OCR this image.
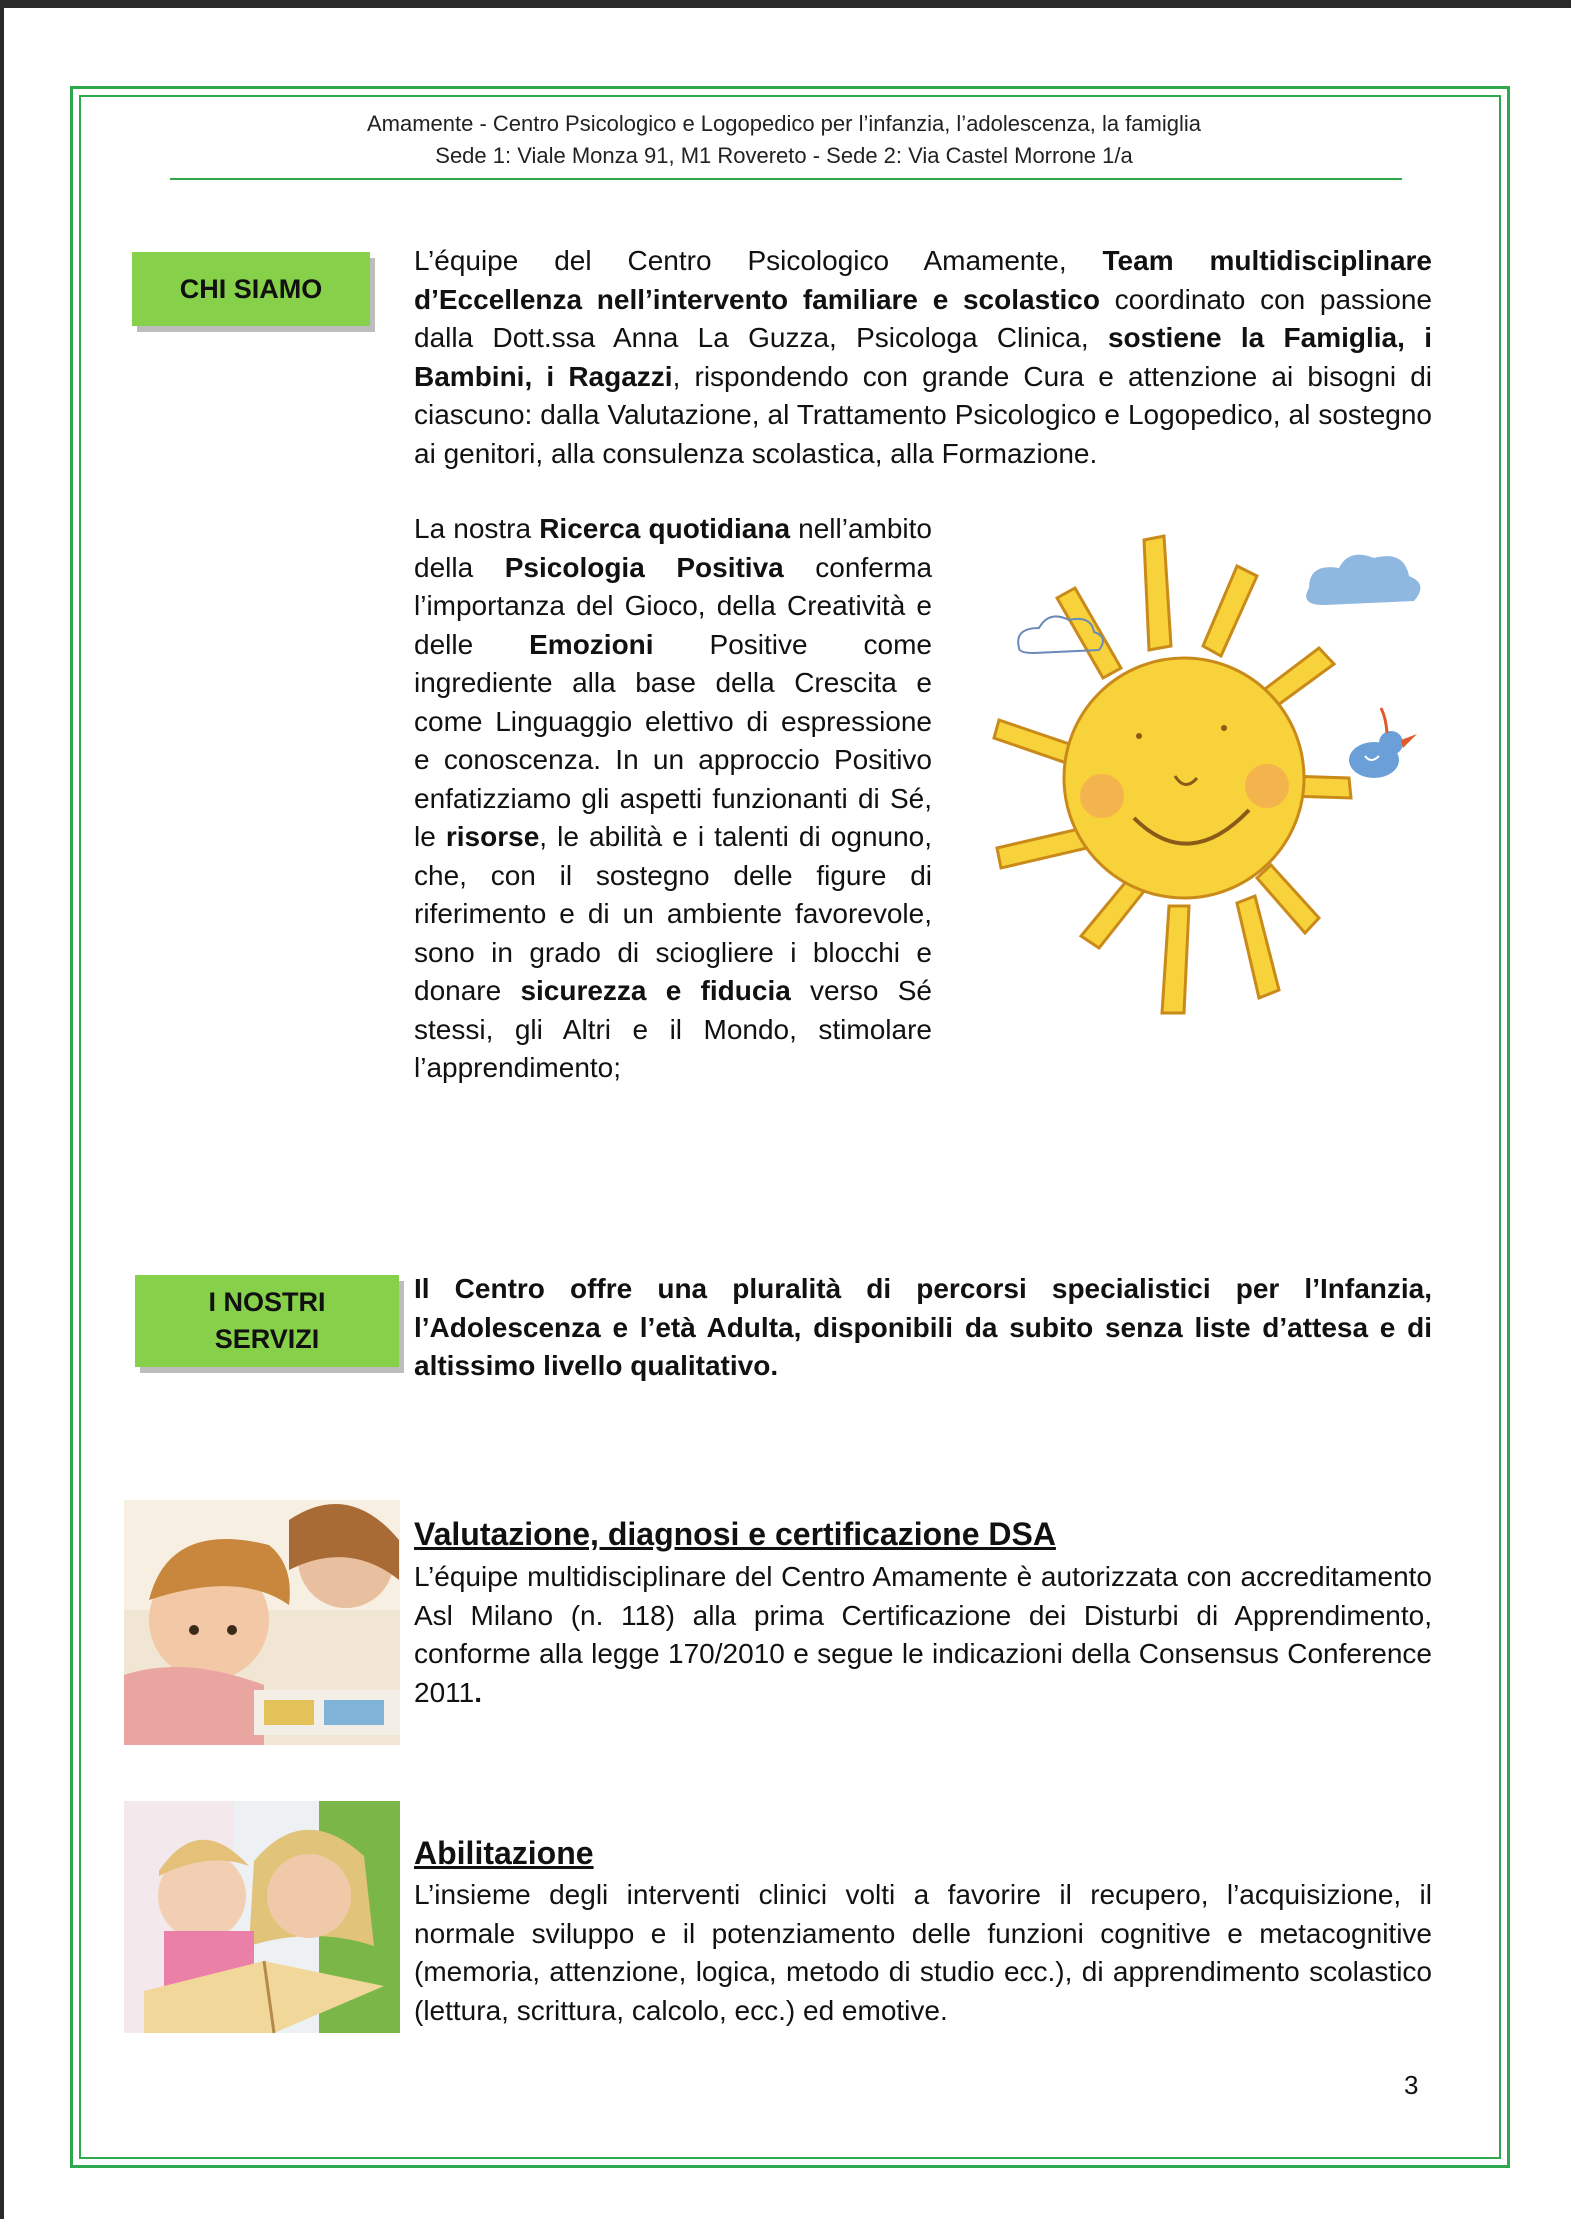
Amamente - Centro Psicologico e Logopedico per l’infanzia, l’adolescenza, la famiglia
Sede 1: Viale Monza 91, M1 Rovereto - Sede 2: Via Castel Morrone 1/a
CHI SIAMO
L’équipe del Centro Psicologico Amamente, Team multidisciplinare d’Eccellenza nell’intervento familiare e scolastico coordinato con passione dalla Dott.ssa Anna La Guzza, Psicologa Clinica, sostiene la Famiglia, i Bambini, i Ragazzi, rispondendo con grande Cura e attenzione ai bisogni di ciascuno: dalla Valutazione, al Trattamento Psicologico e Logopedico, al sostegno ai genitori, alla consulenza scolastica, alla Formazione.
La nostra Ricerca quotidiana nell’ambito della Psicologia Positiva conferma l’importanza del Gioco, della Creatività e delle Emozioni Positive come ingrediente alla base della Crescita e come Linguaggio elettivo di espressione e conoscenza. In un approccio Positivo enfatizziamo gli aspetti funzionanti di Sé, le risorse, le abilità e i talenti di ognuno, che, con il sostegno delle figure di riferimento e di un ambiente favorevole, sono in grado di sciogliere i blocchi e donare sicurezza e fiducia verso Sé stessi, gli Altri e il Mondo, stimolare l’apprendimento;
I NOSTRI
SERVIZI
Il Centro offre una pluralità di percorsi specialistici per l’Infanzia, l’Adolescenza e l’età Adulta, disponibili da subito senza liste d’attesa e di altissimo livello qualitativo.
Valutazione, diagnosi e certificazione DSA
L’équipe multidisciplinare del Centro Amamente è autorizzata con accreditamento Asl Milano (n. 118) alla prima Certificazione dei Disturbi di Apprendimento, conforme alla legge 170/2010 e segue le indicazioni della Consensus Conference 2011.
Abilitazione
L’insieme degli interventi clinici volti a favorire il recupero, l’acquisizione, il normale sviluppo e il potenziamento delle funzioni cognitive e metacognitive (memoria, attenzione, logica, metodo di studio ecc.), di apprendimento scolastico (lettura, scrittura, calcolo, ecc.) ed emotive.
3
